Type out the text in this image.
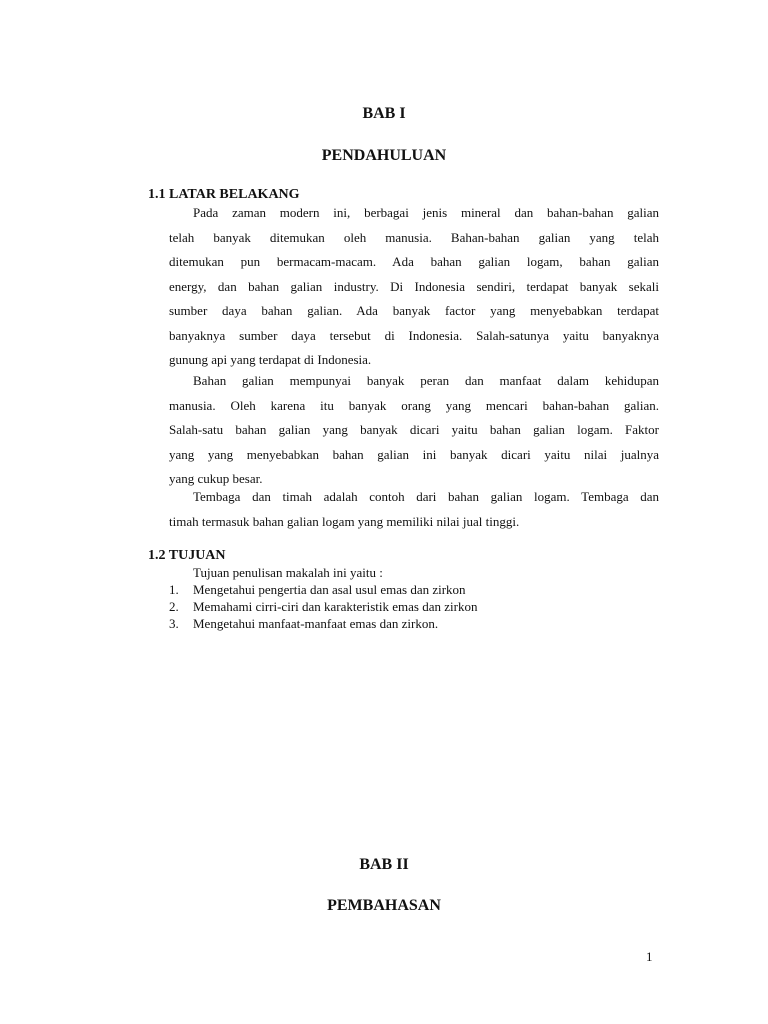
BAB I
PENDAHULUAN
1.1 LATAR BELAKANG
Pada zaman modern ini, berbagai jenis mineral dan bahan-bahan galian
telah banyak ditemukan oleh manusia. Bahan-bahan galian yang telah
ditemukan pun bermacam-macam. Ada bahan galian logam, bahan galian
energy, dan bahan galian industry. Di Indonesia sendiri, terdapat banyak sekali
sumber daya bahan galian. Ada banyak factor yang menyebabkan terdapat
banyaknya sumber daya tersebut di Indonesia. Salah-satunya yaitu banyaknya
gunung api yang terdapat di Indonesia.
Bahan galian mempunyai banyak peran dan manfaat dalam kehidupan
manusia. Oleh karena itu banyak orang yang mencari bahan-bahan galian.
Salah-satu bahan galian yang banyak dicari yaitu bahan galian logam. Faktor
yang yang menyebabkan bahan galian ini banyak dicari yaitu nilai jualnya
yang cukup besar.
Tembaga dan timah adalah contoh dari bahan galian logam. Tembaga dan
timah termasuk bahan galian logam yang memiliki nilai jual tinggi.
1.2 TUJUAN
Tujuan penulisan makalah ini yaitu :
1. Mengetahui pengertia dan asal usul emas dan zirkon
2. Memahami cirri-ciri dan karakteristik emas dan zirkon
3. Mengetahui manfaat-manfaat emas dan zirkon.
BAB II
PEMBAHASAN
1
